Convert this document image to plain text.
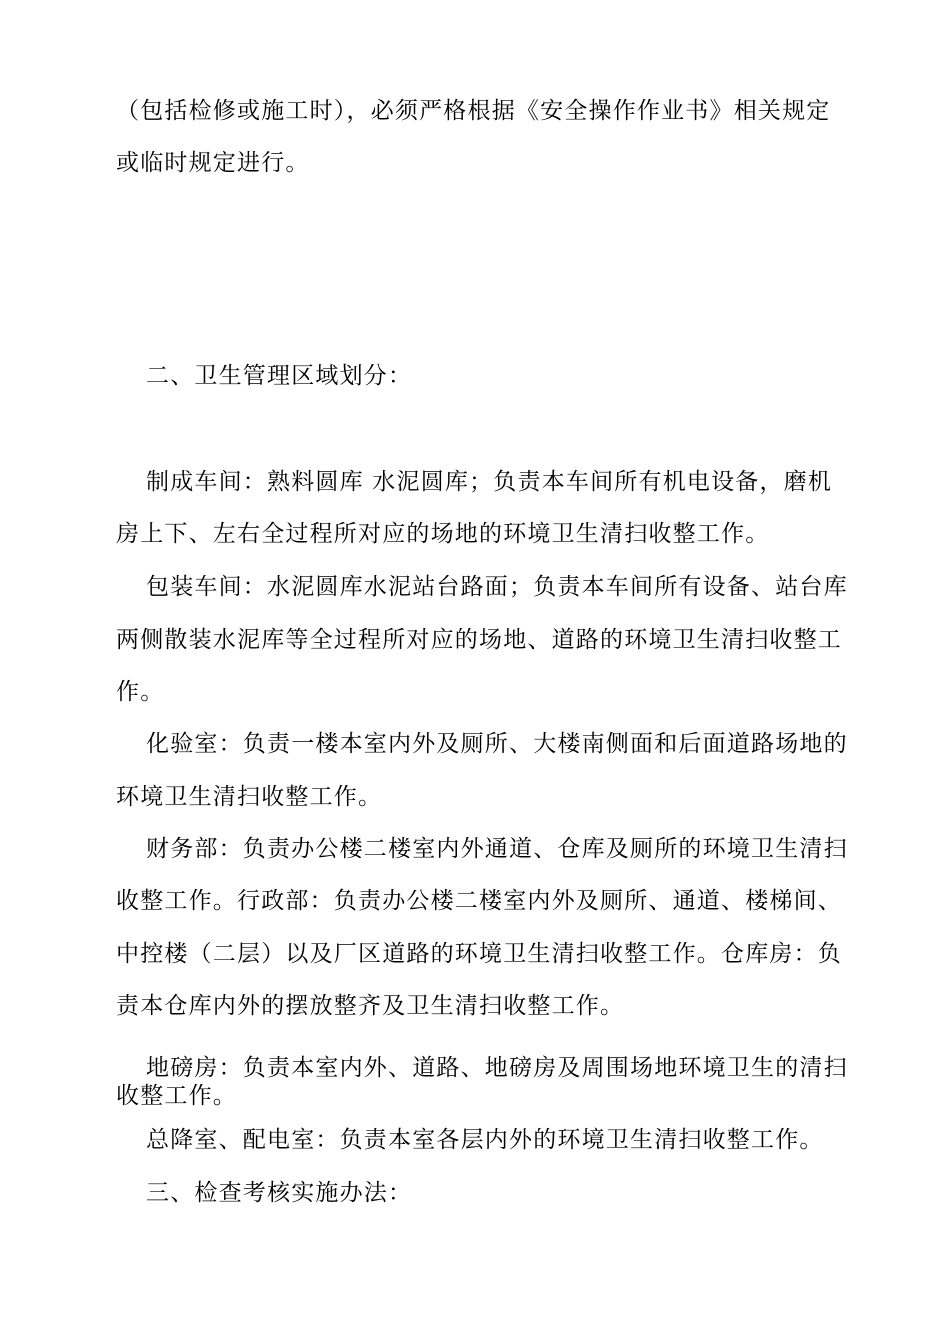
（包括检修或施工时），必须严格根据《安全操作作业书》相关规定
或临时规定进行。
二、卫生管理区域划分：
制成车间：熟料圆库 水泥圆库；负责本车间所有机电设备，磨机
房上下、左右全过程所对应的场地的环境卫生清扫收整工作。
包装车间：水泥圆库水泥站台路面；负责本车间所有设备、站台库
两侧散装水泥库等全过程所对应的场地、道路的环境卫生清扫收整工
作。
化验室：负责一楼本室内外及厕所、大楼南侧面和后面道路场地的
环境卫生清扫收整工作。
财务部：负责办公楼二楼室内外通道、仓库及厕所的环境卫生清扫
收整工作。行政部：负责办公楼二楼室内外及厕所、通道、楼梯间、
中控楼（二层）以及厂区道路的环境卫生清扫收整工作。仓库房：负
责本仓库内外的摆放整齐及卫生清扫收整工作。
地磅房：负责本室内外、道路、地磅房及周围场地环境卫生的清扫
收整工作。
总降室、配电室：负责本室各层内外的环境卫生清扫收整工作。
三、检查考核实施办法：
